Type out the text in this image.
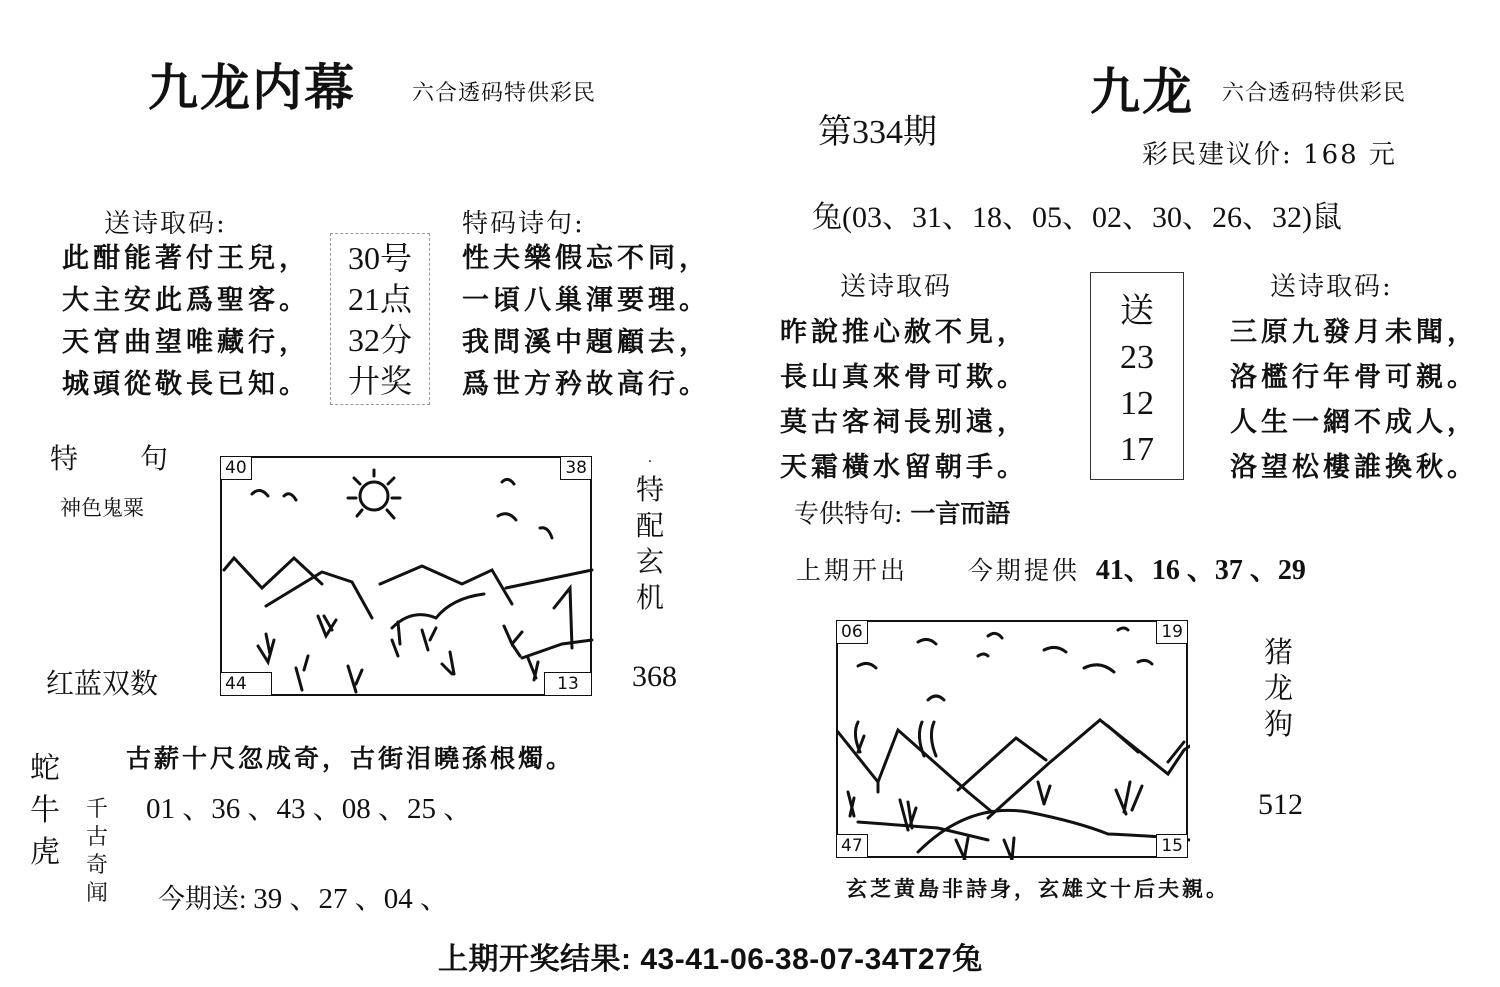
九龙内幕	六合透码特供彩民
送诗取码:
此酣能著付王兒，
大主安此爲聖客。
天宮曲望唯藏行，
城頭從敬長已知。
30号
21点
32分
廾奖
特码诗句:
性夫樂假忘不同，
一頃八巢渾要理。
我問溪中題顧去，
爲世方矜故高行。
特　　句
神色鬼粟
红蓝双数
40	38
44	13
·
特
配
玄
机
368
蛇
牛
虎
千
古
奇
闻
古薪十尺忽成奇，古街泪曉孫根燭。
01 、36 、43 、08 、25 、
今期送: 39 、27 、04 、
第334期
九龙 六合透码特供彩民
彩民建议价: 168 元
兔(03、31、18、05、02、30、26、32)鼠
送诗取码
昨說推心赦不見，
長山真來骨可欺。
莫古客祠長别遠，
天霜橫水留朝手。
送
23
12
17
送诗取码:
三原九發月未聞，
洛檻行年骨可親。
人生一網不成人，
洛望松樓誰換秋。
专供特句: 一言而語
上期开出 今期提供 41、16 、37 、29
06	19
47	15
猪
龙
狗
512
玄芝黄島非詩身，玄雄文十后夫親。
上期开奖结果: 43-41-06-38-07-34T27兔
